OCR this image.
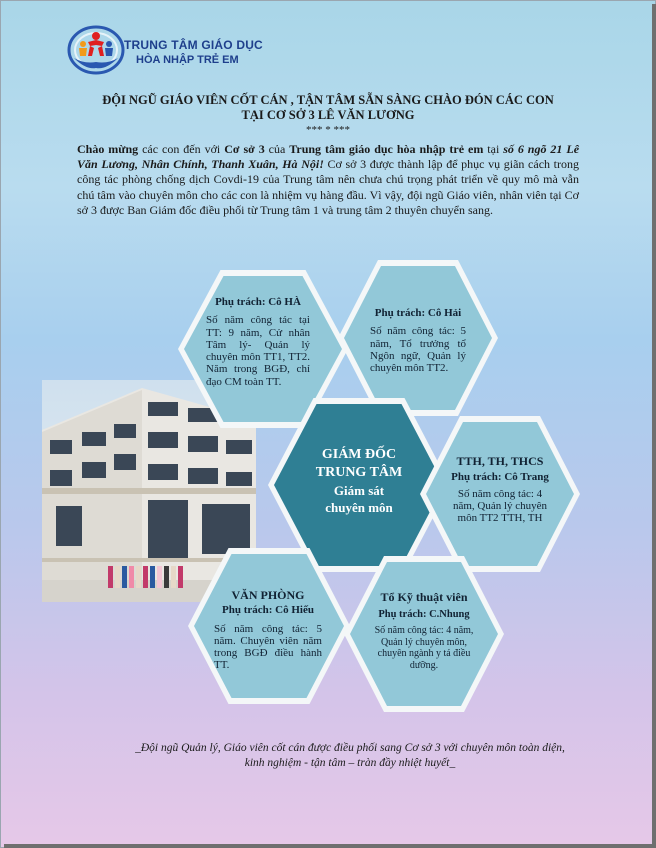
TRUNG TÂM GIÁO DỤC
HÒA NHẬP TRẺ EM
ĐỘI NGŨ GIÁO VIÊN CỐT CÁN , TẬN TÂM SẴN SÀNG CHÀO ĐÓN CÁC CON
TẠI CƠ SỞ 3 LÊ VĂN LƯƠNG
*** * ***
Chào mừng các con đến với Cơ sở 3 của Trung tâm giáo dục hòa nhập trẻ em tại số 6 ngõ 21 Lê Văn Lương, Nhân Chính, Thanh Xuân, Hà Nội! Cơ sở 3 được thành lập để phục vụ giãn cách trong công tác phòng chống dịch Covdi-19 của Trung tâm nên chưa chú trọng phát triển về quy mô mà vẫn chú tâm vào chuyên môn cho các con là nhiệm vụ hàng đầu. Vì vậy, đội ngũ Giáo viên, nhân viên tại Cơ sở 3 được Ban Giám đốc điều phối từ Trung tâm 1 và trung tâm 2 thuyên chuyển sang.
Phụ trách: Cô HÀ
Số năm công tác tại TT: 9 năm, Cử nhân Tâm lý- Quản lý chuyên môn TT1, TT2. Năm trong BGĐ, chỉ đạo CM toàn TT.
Phụ trách: Cô Hải
Số năm công tác: 5 năm, Tổ trưởng tổ Ngôn ngữ, Quản lý chuyên môn TT2.
GIÁM ĐỐC
TRUNG TÂM
Giám sát
chuyên môn
TTH, TH, THCS
Phụ trách: Cô Trang
Số năm công tác: 4 năm, Quản lý chuyên môn TT2 TTH, TH
VĂN PHÒNG
Phụ trách: Cô Hiếu
Số năm công tác: 5 năm. Chuyên viên năm trong BGĐ điều hành TT.
Tổ Kỹ thuật viên
Phụ trách: C.Nhung
Số năm công tác: 4 năm, Quản lý chuyên môn, chuyên ngành y tá điều dưỡng.
_Đội ngũ Quản lý, Giáo viên cốt cán được điều phối sang Cơ sở 3 với chuyên môn toàn diện,
kinh nghiệm - tận tâm – tràn đầy nhiệt huyết_
